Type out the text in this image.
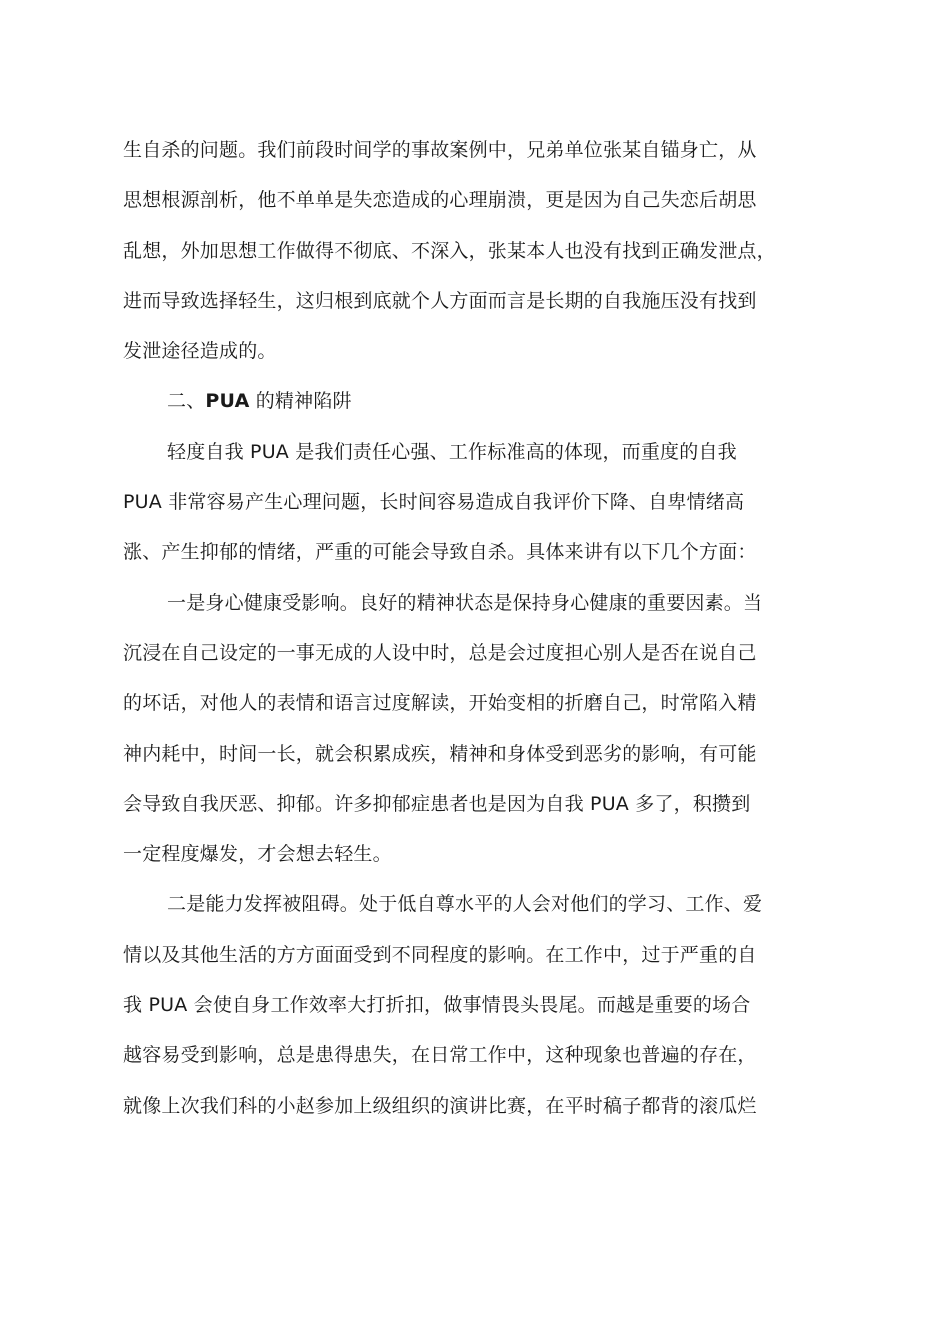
生自杀的问题。我们前段时间学的事故案例中，兄弟单位张某自锚身亡，从
思想根源剖析，他不单单是失恋造成的心理崩溃，更是因为自己失恋后胡思
乱想，外加思想工作做得不彻底、不深入，张某本人也没有找到正确发泄点，
进而导致选择轻生，这归根到底就个人方面而言是长期的自我施压没有找到
发泄途径造成的。
二、PUA 的精神陷阱
轻度自我 PUA 是我们责任心强、工作标准高的体现，而重度的自我
PUA 非常容易产生心理问题，长时间容易造成自我评价下降、自卑情绪高
涨、产生抑郁的情绪，严重的可能会导致自杀。具体来讲有以下几个方面：
一是身心健康受影响。良好的精神状态是保持身心健康的重要因素。当
沉浸在自己设定的一事无成的人设中时，总是会过度担心别人是否在说自己
的坏话，对他人的表情和语言过度解读，开始变相的折磨自己，时常陷入精
神内耗中，时间一长，就会积累成疾，精神和身体受到恶劣的影响，有可能
会导致自我厌恶、抑郁。许多抑郁症患者也是因为自我 PUA 多了，积攒到
一定程度爆发，才会想去轻生。
二是能力发挥被阻碍。处于低自尊水平的人会对他们的学习、工作、爱
情以及其他生活的方方面面受到不同程度的影响。在工作中，过于严重的自
我 PUA 会使自身工作效率大打折扣，做事情畏头畏尾。而越是重要的场合
越容易受到影响，总是患得患失，在日常工作中，这种现象也普遍的存在，
就像上次我们科的小赵参加上级组织的演讲比赛，在平时稿子都背的滚瓜烂
